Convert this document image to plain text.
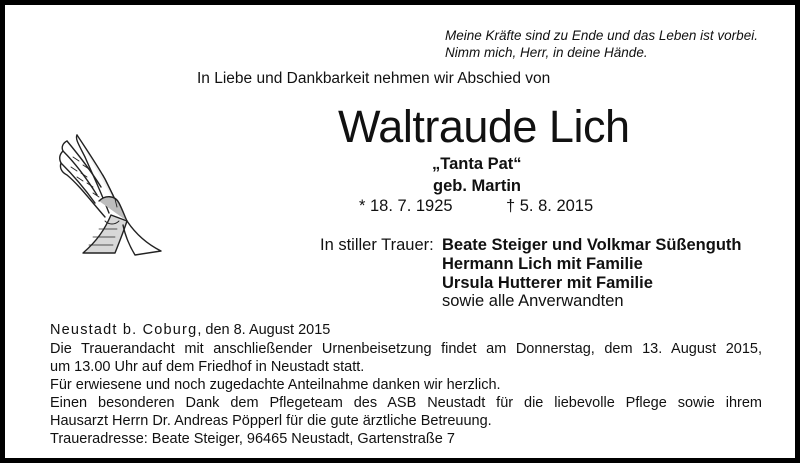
Meine Kräfte sind zu Ende und das Leben ist vorbei.
Nimm mich, Herr, in deine Hände.
In Liebe und Dankbarkeit nehmen wir Abschied von
Waltraude Lich
„Tanta Pat“
geb. Martin
* 18. 7. 1925	† 5. 8. 2015
In stiller Trauer: Beate Steiger und Volkmar Süßenguth
Hermann Lich mit Familie
Ursula Hutterer mit Familie
sowie alle Anverwandten
Neustadt b. Coburg, den 8. August 2015
Die Trauerandacht mit anschließender Urnenbeisetzung findet am Donnerstag, dem 13. August 2015,
um 13.00 Uhr auf dem Friedhof in Neustadt statt.
Für erwiesene und noch zugedachte Anteilnahme danken wir herzlich.
Einen besonderen Dank dem Pflegeteam des ASB Neustadt für die liebevolle Pflege sowie ihrem
Hausarzt Herrn Dr. Andreas Pöpperl für die gute ärztliche Betreuung.
Traueradresse: Beate Steiger, 96465 Neustadt, Gartenstraße 7
